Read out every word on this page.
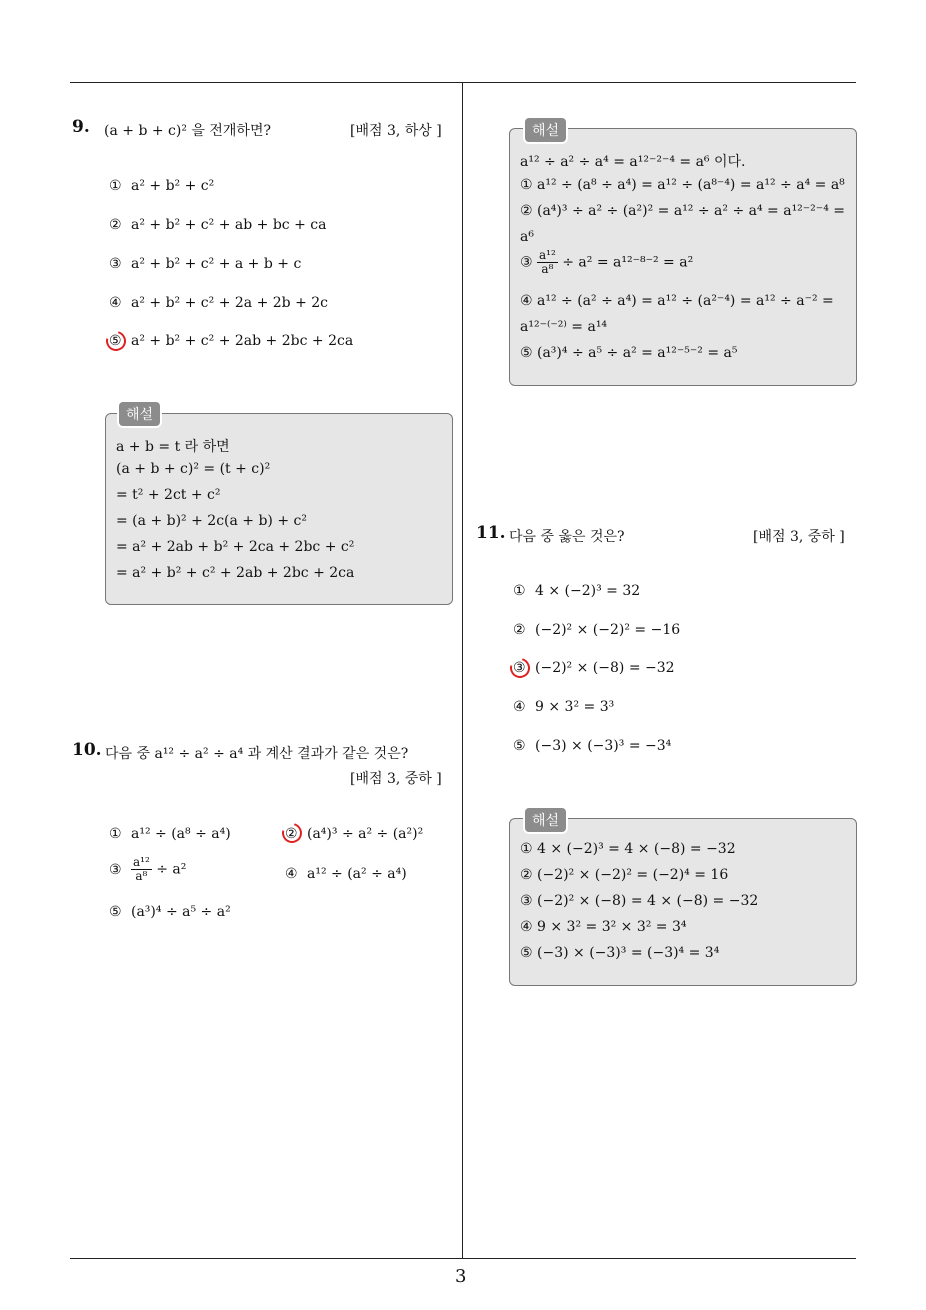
3
9. (a + b + c)² 을 전개하면?	[배점 3, 하상 ]
① a² + b² + c²
② a² + b² + c² + ab + bc + ca
③ a² + b² + c² + a + b + c
④ a² + b² + c² + 2a + 2b + 2c
⑤ a² + b² + c² + 2ab + 2bc + 2ca
a + b = t 라 하면
(a + b + c)² = (t + c)²
= t² + 2ct + c²
= (a + b)² + 2c(a + b) + c²
= a² + 2ab + b² + 2ca + 2bc + c²
= a² + b² + c² + 2ab + 2bc + 2ca
해설
10. 다음 중 a¹² ÷ a² ÷ a⁴ 과 계산 결과가 같은 것은?
[배점 3, 중하 ]
① a¹² ÷ (a⁸ ÷ a⁴)	② (a⁴)³ ÷ a² ÷ (a²)²
③ $\frac{\text{a¹²}}{\text{a⁸}} \div a^2$	④ a¹² ÷ (a² ÷ a⁴)
⑤ (a³)⁴ ÷ a⁵ ÷ a²
a¹² ÷ a² ÷ a⁴ = a¹²⁻²⁻⁴ = a⁶ 이다.
① a¹² ÷ (a⁸ ÷ a⁴) = a¹² ÷ (a⁸⁻⁴) = a¹² ÷ a⁴ = a⁸
② (a⁴)³ ÷ a² ÷ (a²)² = a¹² ÷ a² ÷ a⁴ = a¹²⁻²⁻⁴ =
a⁶
③ $\frac{\text{a¹²}}{\text{a⁸}} \div a^2 = a^{12-8-2} = a^2$
④ a¹² ÷ (a² ÷ a⁴) = a¹² ÷ (a²⁻⁴) = a¹² ÷ a⁻² =
a¹²⁻⁽⁻²⁾ = a¹⁴
⑤ (a³)⁴ ÷ a⁵ ÷ a² = a¹²⁻⁵⁻² = a⁵
해설
11. 다음 중 옳은 것은?	[배점 3, 중하 ]
① 4 × (−2)³ = 32
② (−2)² × (−2)² = −16
③ (−2)² × (−8) = −32
④ 9 × 3² = 3³
⑤ (−3) × (−3)³ = −3⁴
① 4 × (−2)³ = 4 × (−8) = −32
② (−2)² × (−2)² = (−2)⁴ = 16
③ (−2)² × (−8) = 4 × (−8) = −32
④ 9 × 3² = 3² × 3² = 3⁴
⑤ (−3) × (−3)³ = (−3)⁴ = 3⁴
해설
